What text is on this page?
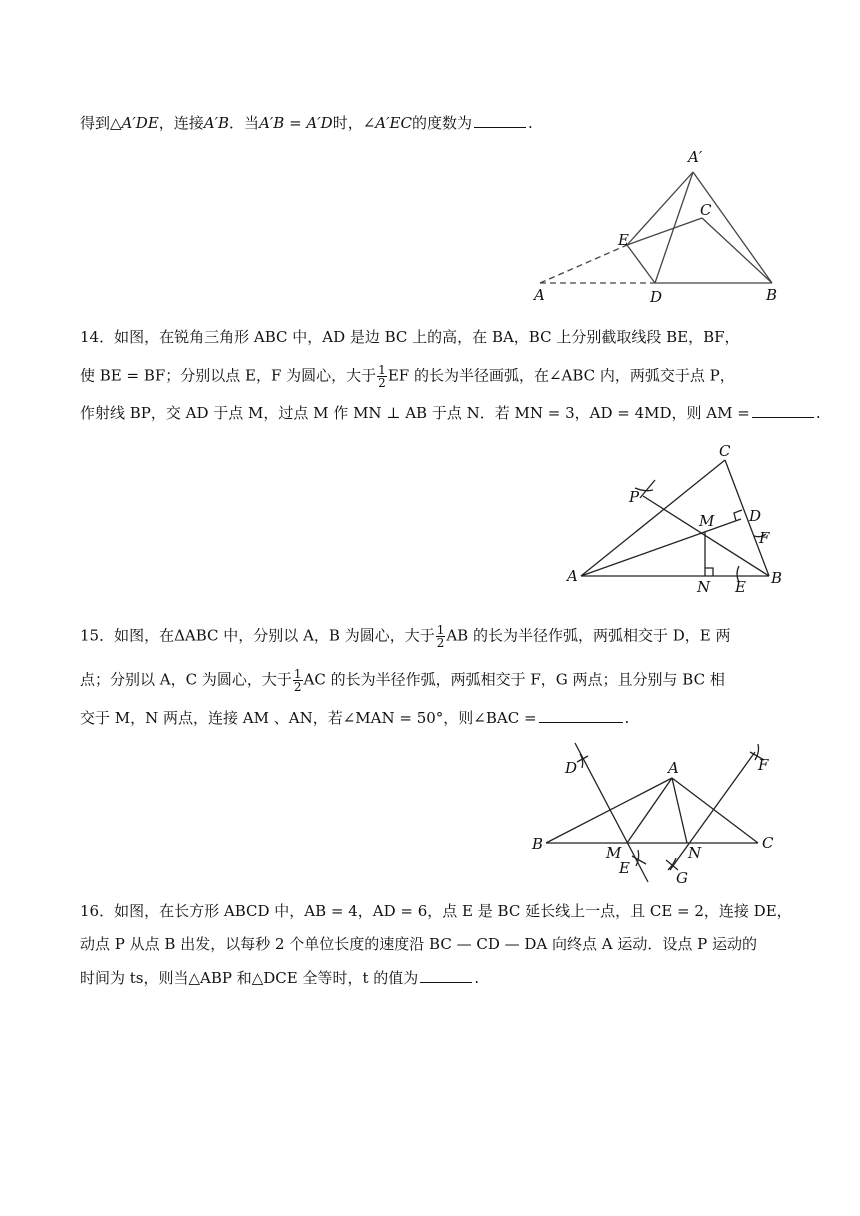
得到△A′DE，连接A′B．当A′B = A′D时，∠A′EC的度数为	.
A′
C
E
A	D	B
14．如图，在锐角三角形 ABC 中，AD 是边 BC 上的高，在 BA，BC 上分别截取线段 BE，BF，
使 BE = BF；分别以点 E，F 为圆心，大于 $\frac{1}{2}$ EF 的长为半径画弧，在∠ABC 内，两弧交于点 P，
作射线 BP，交 AD 于点 M，过点 M 作 MN ⊥ AB 于点 N．若 MN = 3，AD = 4MD，则 AM =	.
C
P
M D
F
A
N E B
15．如图，在ΔABC 中，分别以 A，B 为圆心，大于 $\frac{1}{2}$ AB 的长为半径作弧，两弧相交于 D，E 两
点；分别以 A，C 为圆心，大于 $\frac{1}{2}$ AC 的长为半径作弧，两弧相交于 F，G 两点；且分别与 BC 相
交于 M，N 两点，连接 AM 、AN，若∠MAN = 50°，则∠BAC =	.
D	A	F
B	M	N
C
E
G
16．如图，在长方形 ABCD 中，AB = 4，AD = 6，点 E 是 BC 延长线上一点，且 CE = 2，连接 DE，
动点 P 从点 B 出发，以每秒 2 个单位长度的速度沿 BC — CD — DA 向终点 A 运动．设点 P 运动的
时间为 ts，则当△ABP 和△DCE 全等时，t 的值为	.
